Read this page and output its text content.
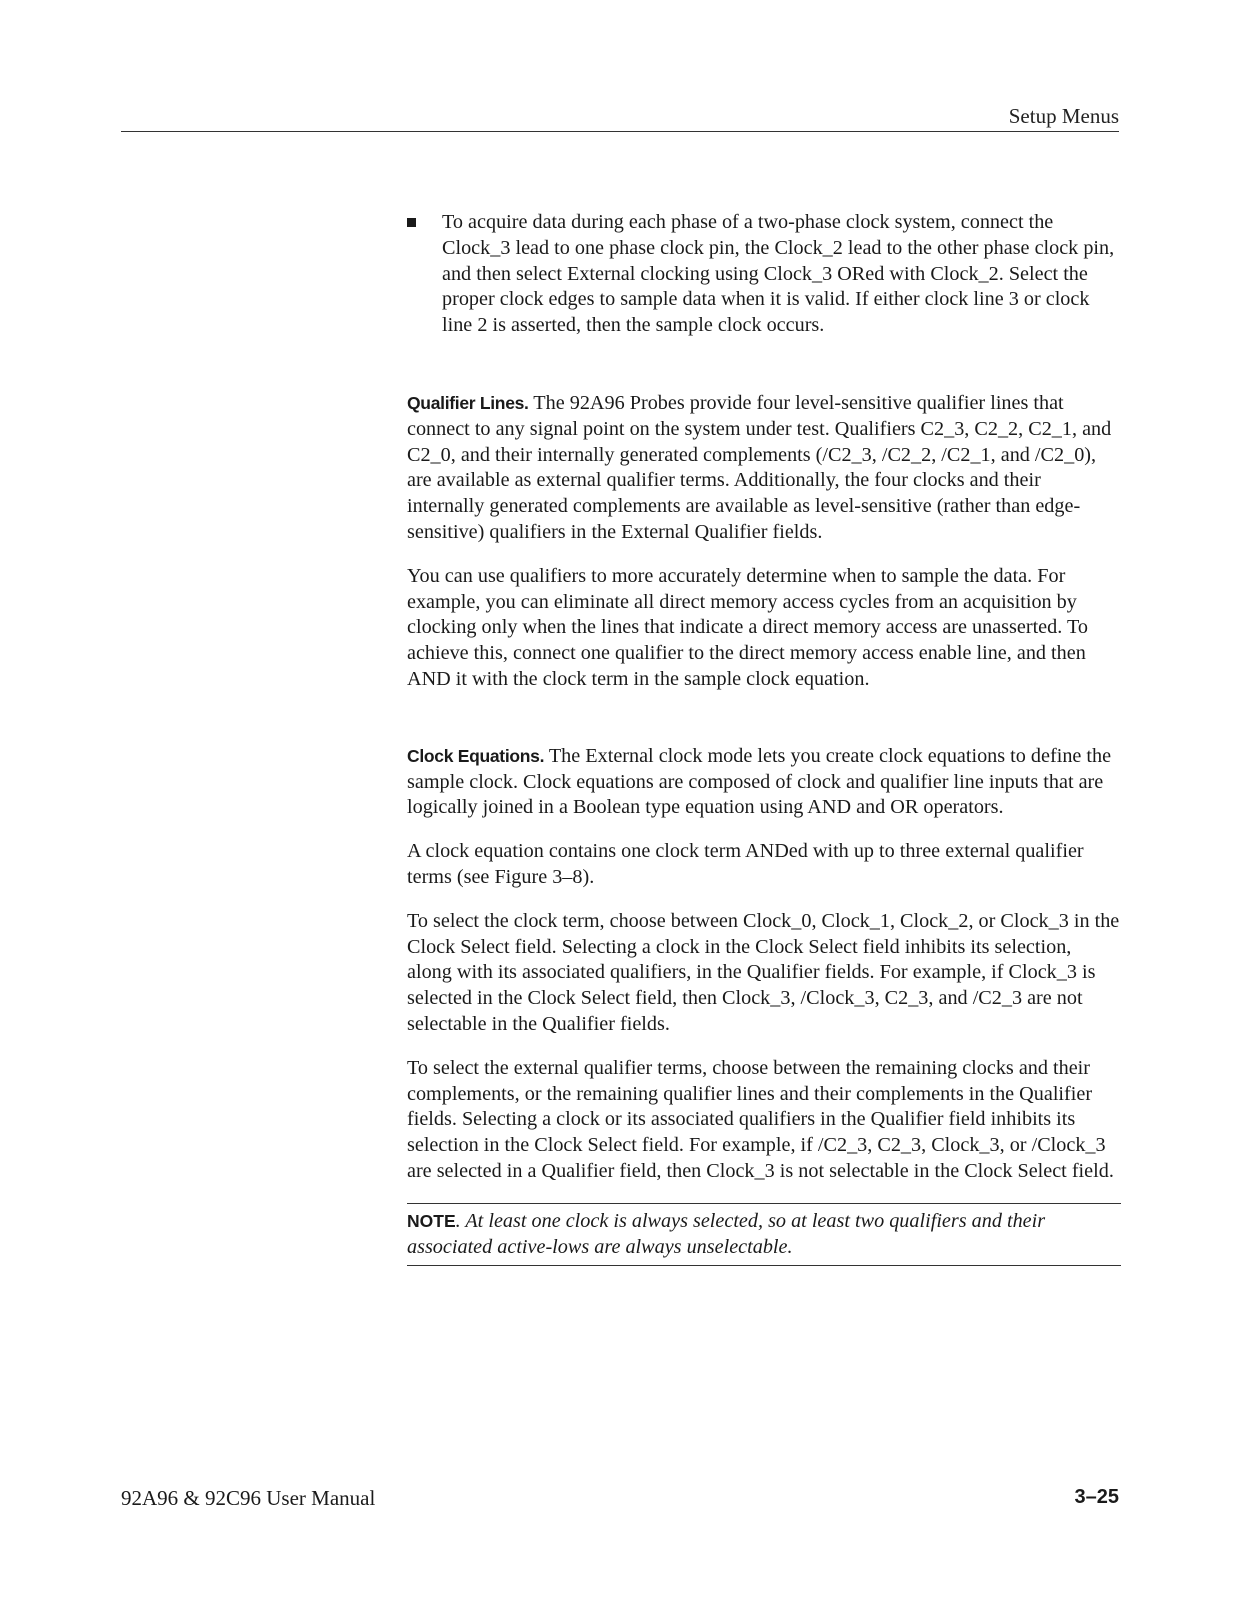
Setup Menus

To acquire data during each phase of a two-phase clock system, connect the Clock_3 lead to one phase clock pin, the Clock_2 lead to the other phase clock pin, and then select External clocking using Clock_3 ORed with Clock_2. Select the proper clock edges to sample data when it is valid. If either clock line 3 or clock line 2 is asserted, then the sample clock occurs.

Qualifier Lines. The 92A96 Probes provide four level-sensitive qualifier lines that connect to any signal point on the system under test. Qualifiers C2_3, C2_2, C2_1, and C2_0, and their internally generated complements (/C2_3, /C2_2, /C2_1, and /C2_0), are available as external qualifier terms. Additionally, the four clocks and their internally generated complements are available as level-sensitive (rather than edge-sensitive) qualifiers in the External Qualifier fields.

You can use qualifiers to more accurately determine when to sample the data. For example, you can eliminate all direct memory access cycles from an acquisition by clocking only when the lines that indicate a direct memory access are unasserted. To achieve this, connect one qualifier to the direct memory access enable line, and then AND it with the clock term in the sample clock equation.

Clock Equations. The External clock mode lets you create clock equations to define the sample clock. Clock equations are composed of clock and qualifier line inputs that are logically joined in a Boolean type equation using AND and OR operators.

A clock equation contains one clock term ANDed with up to three external qualifier terms (see Figure 3–8).

To select the clock term, choose between Clock_0, Clock_1, Clock_2, or Clock_3 in the Clock Select field. Selecting a clock in the Clock Select field inhibits its selection, along with its associated qualifiers, in the Qualifier fields. For example, if Clock_3 is selected in the Clock Select field, then Clock_3, /Clock_3, C2_3, and /C2_3 are not selectable in the Qualifier fields.

To select the external qualifier terms, choose between the remaining clocks and their complements, or the remaining qualifier lines and their complements in the Qualifier fields. Selecting a clock or its associated qualifiers in the Qualifier field inhibits its selection in the Clock Select field. For example, if /C2_3, C2_3, Clock_3, or /Clock_3 are selected in a Qualifier field, then Clock_3 is not selectable in the Clock Select field.

NOTE. At least one clock is always selected, so at least two qualifiers and their associated active-lows are always unselectable.
92A96 & 92C96 User Manual	3–25
